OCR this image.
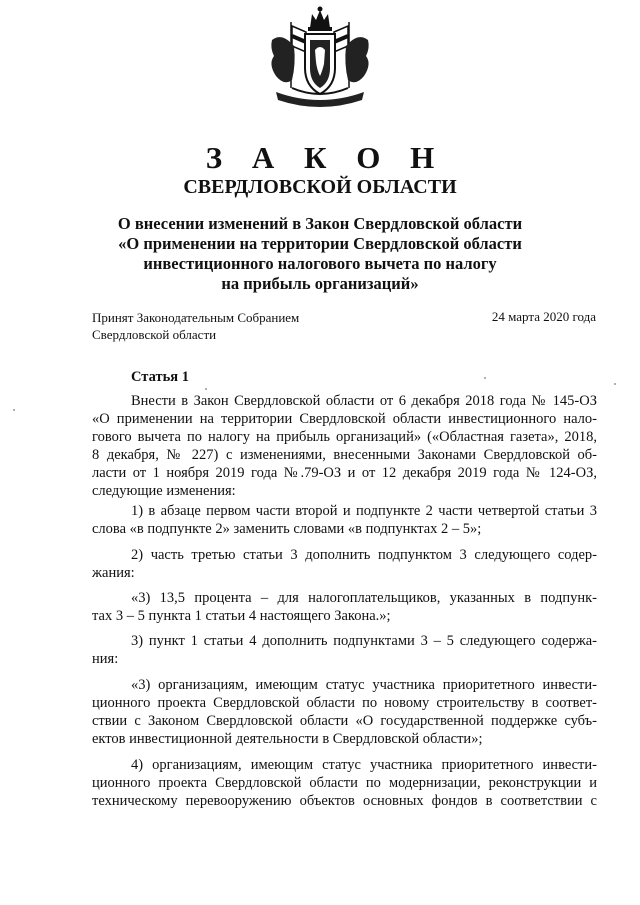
З А К О Н
СВЕРДЛОВСКОЙ ОБЛАСТИ
О внесении изменений в Закон Свердловской области
«О применении на территории Свердловской области
инвестиционного налогового вычета по налогу
на прибыль организаций»
Принят Законодательным Собранием
Свердловской области
24 марта 2020 года
Статья 1
Внести в Закон Свердловской области от 6 декабря 2018 года № 145-ОЗ
«О применении на территории Свердловской области инвестиционного нало-
гового вычета по налогу на прибыль организаций» («Областная газета», 2018,
8 декабря, № 227) с изменениями, внесенными Законами Свердловской об-
ласти от 1 ноября 2019 года №.79-ОЗ и от 12 декабря 2019 года № 124-ОЗ,
следующие изменения:
1) в абзаце первом части второй и подпункте 2 части четвертой статьи 3
слова «в подпункте 2» заменить словами «в подпунктах 2 – 5»;
2) часть третью статьи 3 дополнить подпунктом 3 следующего содер-
жания:
«3) 13,5 процента – для налогоплательщиков, указанных в подпунк-
тах 3 – 5 пункта 1 статьи 4 настоящего Закона.»;
3) пункт 1 статьи 4 дополнить подпунктами 3 – 5 следующего содержа-
ния:
«3) организациям, имеющим статус участника приоритетного инвести-
ционного проекта Свердловской области по новому строительству в соответ-
ствии с Законом Свердловской области «О государственной поддержке субъ-
ектов инвестиционной деятельности в Свердловской области»;
4) организациям, имеющим статус участника приоритетного инвести-
ционного проекта Свердловской области по модернизации, реконструкции и
техническому перевооружению объектов основных фондов в соответствии с
